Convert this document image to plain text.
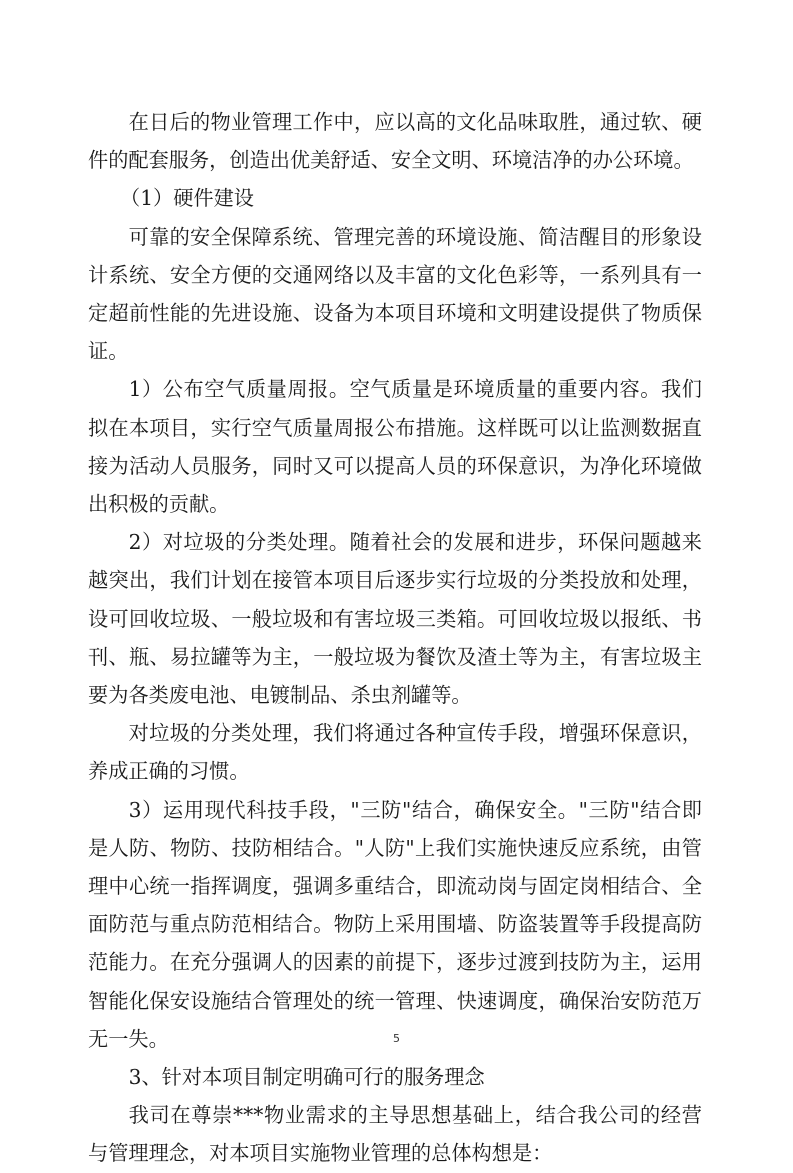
在日后的物业管理工作中，应以高的文化品味取胜，通过软、硬件的配套服务，创造出优美舒适、安全文明、环境洁净的办公环境。

（1）硬件建设

可靠的安全保障系统、管理完善的环境设施、简洁醒目的形象设计系统、安全方便的交通网络以及丰富的文化色彩等，一系列具有一定超前性能的先进设施、设备为本项目环境和文明建设提供了物质保证。

1）公布空气质量周报。空气质量是环境质量的重要内容。我们拟在本项目，实行空气质量周报公布措施。这样既可以让监测数据直接为活动人员服务，同时又可以提高人员的环保意识，为净化环境做出积极的贡献。

2）对垃圾的分类处理。随着社会的发展和进步，环保问题越来越突出，我们计划在接管本项目后逐步实行垃圾的分类投放和处理，设可回收垃圾、一般垃圾和有害垃圾三类箱。可回收垃圾以报纸、书刊、瓶、易拉罐等为主，一般垃圾为餐饮及渣土等为主，有害垃圾主要为各类废电池、电镀制品、杀虫剂罐等。

对垃圾的分类处理，我们将通过各种宣传手段，增强环保意识，养成正确的习惯。

3）运用现代科技手段，"三防"结合，确保安全。"三防"结合即是人防、物防、技防相结合。"人防"上我们实施快速反应系统，由管理中心统一指挥调度，强调多重结合，即流动岗与固定岗相结合、全面防范与重点防范相结合。物防上采用围墙、防盗装置等手段提高防范能力。在充分强调人的因素的前提下，逐步过渡到技防为主，运用智能化保安设施结合管理处的统一管理、快速调度，确保治安防范万无一失。

3、针对本项目制定明确可行的服务理念

我司在尊崇***物业需求的主导思想基础上，结合我公司的经营与管理理念，对本项目实施物业管理的总体构想是：

5
